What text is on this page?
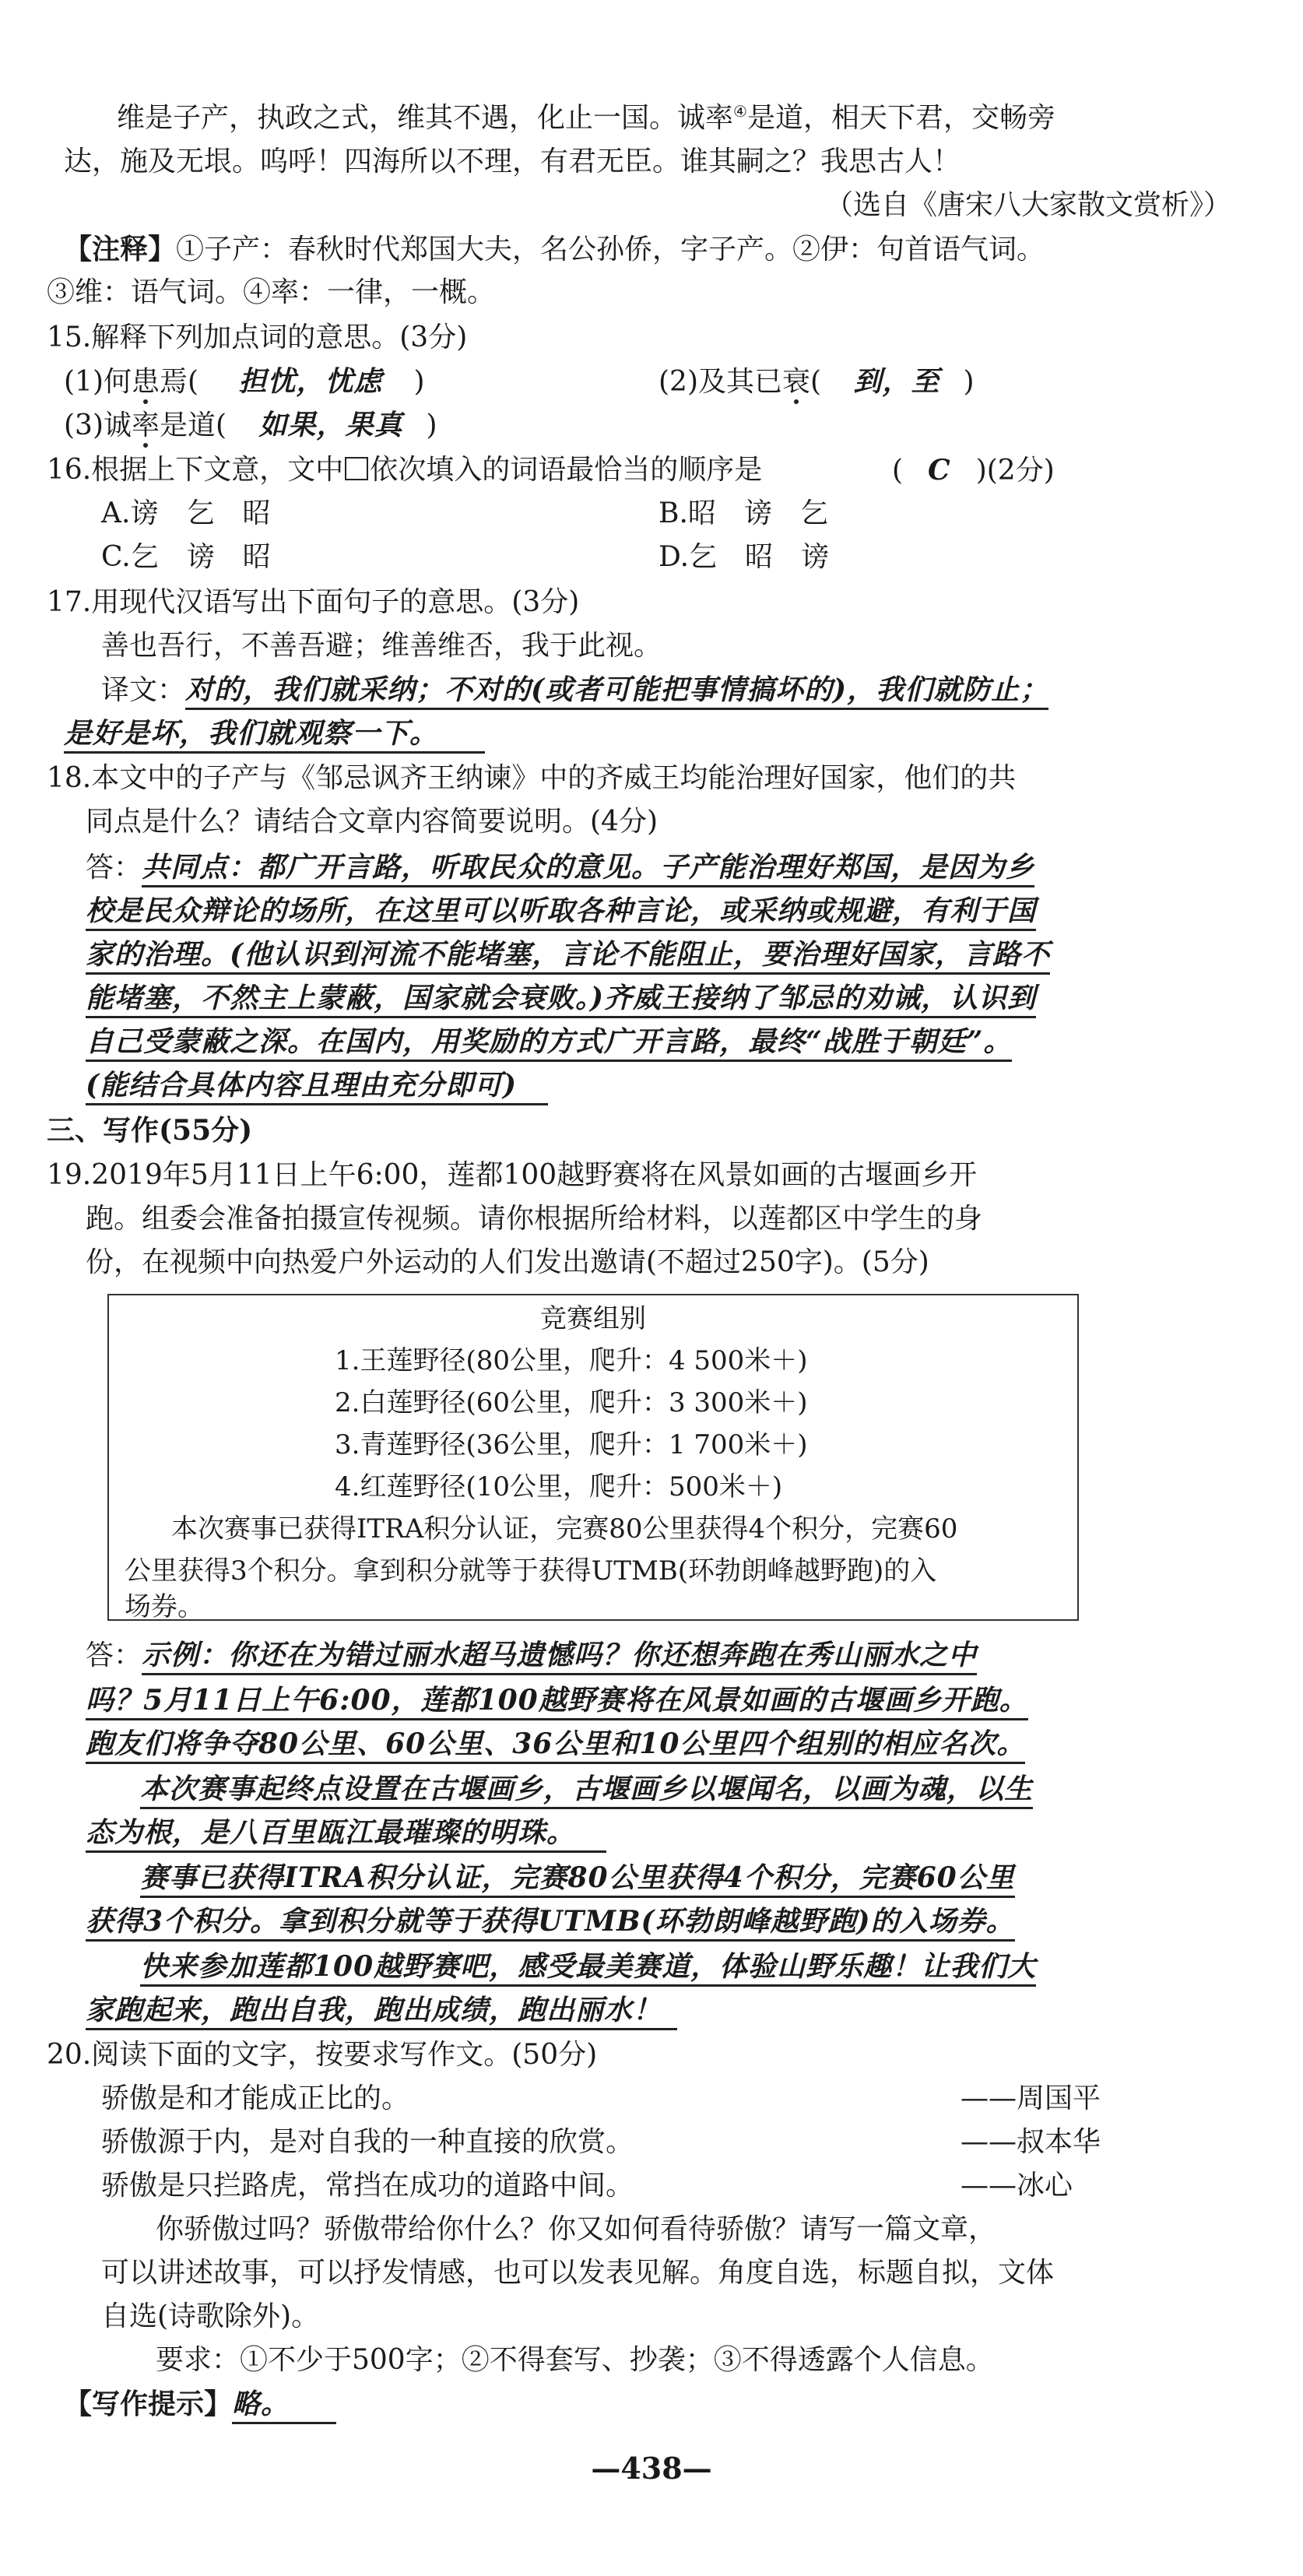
维是子产，执政之式，维其不遇，化止一国。诚率④是道，相天下君，交畅旁
达，施及无垠。呜呼！四海所以不理，有君无臣。谁其嗣之？我思古人！
（选自《唐宋八大家散文赏析》）
【注释】①子产：春秋时代郑国大夫，名公孙侨，字子产。②伊：句首语气词。
③维：语气词。④率：一律，一概。
15.解释下列加点词的意思。(3分)
(1)何患焉( 担忧，忧虑 )	(2)及其已衰( 到，至 )
(3)诚率是道( 如果，果真 )
16.根据上下文意，文中 依次填入的词语最恰当的顺序是	( C )(2分)
A.谤　乞　昭	B.昭　谤　乞
C.乞　谤　昭	D.乞　昭　谤
17.用现代汉语写出下面句子的意思。(3分)
善也吾行，不善吾避；维善维否，我于此视。
译文：对的，我们就采纳；不对的(或者可能把事情搞坏的)，我们就防止；
是好是坏，我们就观察一下。
18.本文中的子产与《邹忌讽齐王纳谏》中的齐威王均能治理好国家，他们的共
同点是什么？请结合文章内容简要说明。(4分)
答：共同点：都广开言路，听取民众的意见。子产能治理好郑国，是因为乡
校是民众辩论的场所，在这里可以听取各种言论，或采纳或规避，有利于国
家的治理。(他认识到河流不能堵塞，言论不能阻止，要治理好国家，言路不
能堵塞，不然主上蒙蔽，国家就会衰败。)齐威王接纳了邹忌的劝诫，认识到
自己受蒙蔽之深。在国内，用奖励的方式广开言路，最终“战胜于朝廷”。
(能结合具体内容且理由充分即可)
三、写作(55分)
19.2019年5月11日上午6:00，莲都100越野赛将在风景如画的古堰画乡开
跑。组委会准备拍摄宣传视频。请你根据所给材料，以莲都区中学生的身
份，在视频中向热爱户外运动的人们发出邀请(不超过250字)。(5分)
竞赛组别
1.王莲野径(80公里，爬升：4 500米＋)
2.白莲野径(60公里，爬升：3 300米＋)
3.青莲野径(36公里，爬升：1 700米＋)
4.红莲野径(10公里，爬升：500米＋)
本次赛事已获得ITRA积分认证，完赛80公里获得4个积分，完赛60
公里获得3个积分。拿到积分就等于获得UTMB(环勃朗峰越野跑)的入
场券。
答：示例：你还在为错过丽水超马遗憾吗？你还想奔跑在秀山丽水之中
吗？5月11日上午6:00，莲都100越野赛将在风景如画的古堰画乡开跑。
跑友们将争夺80公里、60公里、36公里和10公里四个组别的相应名次。
本次赛事起终点设置在古堰画乡，古堰画乡以堰闻名，以画为魂，以生
态为根，是八百里瓯江最璀璨的明珠。
赛事已获得ITRA积分认证，完赛80公里获得4个积分，完赛60公里
获得3个积分。拿到积分就等于获得UTMB(环勃朗峰越野跑)的入场券。
快来参加莲都100越野赛吧，感受最美赛道，体验山野乐趣！让我们大
家跑起来，跑出自我，跑出成绩，跑出丽水！
20.阅读下面的文字，按要求写作文。(50分)
骄傲是和才能成正比的。	——周国平
骄傲源于内，是对自我的一种直接的欣赏。	——叔本华
骄傲是只拦路虎，常挡在成功的道路中间。	——冰心
你骄傲过吗？骄傲带给你什么？你又如何看待骄傲？请写一篇文章，
可以讲述故事，可以抒发情感，也可以发表见解。角度自选，标题自拟，文体
自选(诗歌除外)。
要求：①不少于500字；②不得套写、抄袭；③不得透露个人信息。
【写作提示】略。
—438—
